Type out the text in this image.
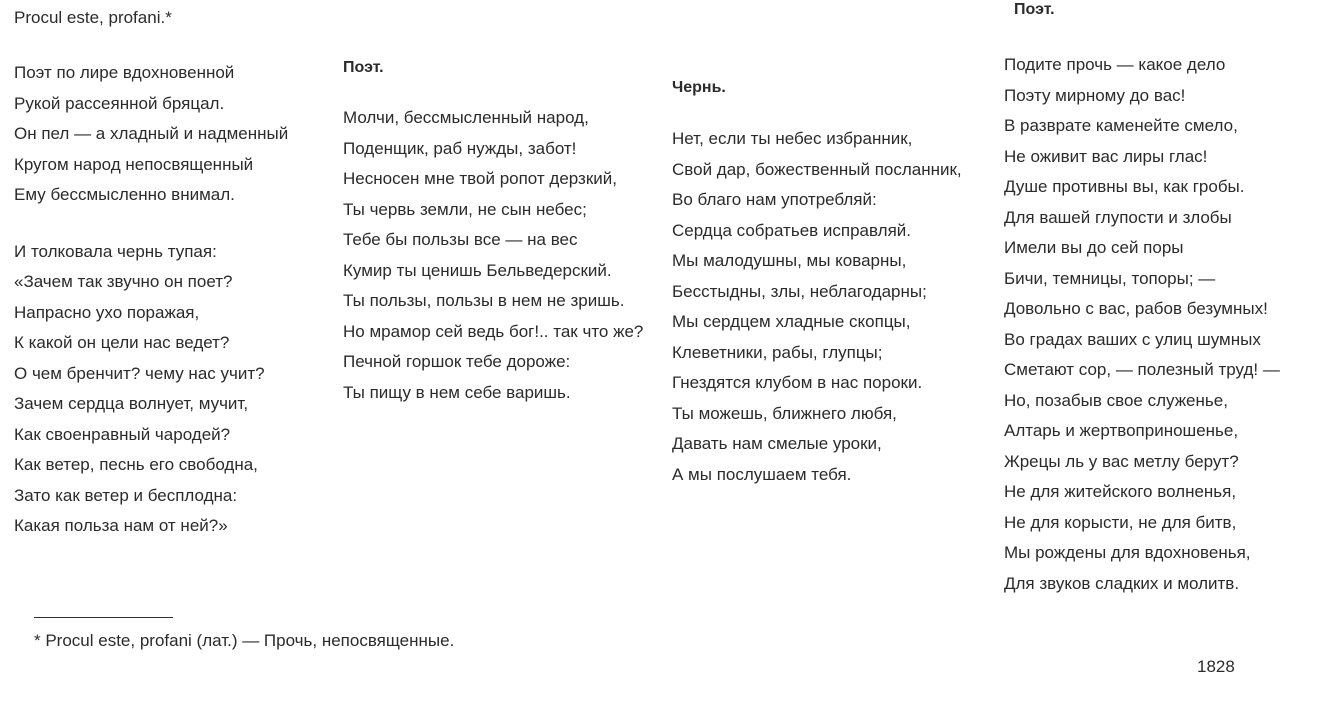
Procul este, profani.*
Поэт по лире вдохновенной
Рукой рассеянной бряцал.
Он пел — а хладный и надменный
Кругом народ непосвященный
Ему бессмысленно внимал.
И толковала чернь тупая:
«Зачем так звучно он поет?
Напрасно ухо поражая,
К какой он цели нас ведет?
О чем бренчит? чему нас учит?
Зачем сердца волнует, мучит,
Как своенравный чародей?
Как ветер, песнь его свободна,
Зато как ветер и бесплодна:
Какая польза нам от ней?»
Поэт.
Молчи, бессмысленный народ,
Поденщик, раб нужды, забот!
Несносен мне твой ропот дерзкий,
Ты червь земли, не сын небес;
Тебе бы пользы все — на вес
Кумир ты ценишь Бельведерский.
Ты пользы, пользы в нем не зришь.
Но мрамор сей ведь бог!.. так что же?
Печной горшок тебе дороже:
Ты пищу в нем себе варишь.
Чернь.
Нет, если ты небес избранник,
Свой дар, божественный посланник,
Во благо нам употребляй:
Сердца собратьев исправляй.
Мы малодушны, мы коварны,
Бесстыдны, злы, неблагодарны;
Мы сердцем хладные скопцы,
Клеветники, рабы, глупцы;
Гнездятся клубом в нас пороки.
Ты можешь, ближнего любя,
Давать нам смелые уроки,
А мы послушаем тебя.
Поэт.
Подите прочь — какое дело
Поэту мирному до вас!
В разврате каменейте смело,
Не оживит вас лиры глас!
Душе противны вы, как гробы.
Для вашей глупости и злобы
Имели вы до сей поры
Бичи, темницы, топоры; —
Довольно с вас, рабов безумных!
Во градах ваших с улиц шумных
Сметают сор, — полезный труд! —
Но, позабыв свое служенье,
Алтарь и жертвоприношенье,
Жрецы ль у вас метлу берут?
Не для житейского волненья,
Не для корысти, не для битв,
Мы рождены для вдохновенья,
Для звуков сладких и молитв.
* Procul este, profani (лат.) — Прочь, непосвященные.
1828
